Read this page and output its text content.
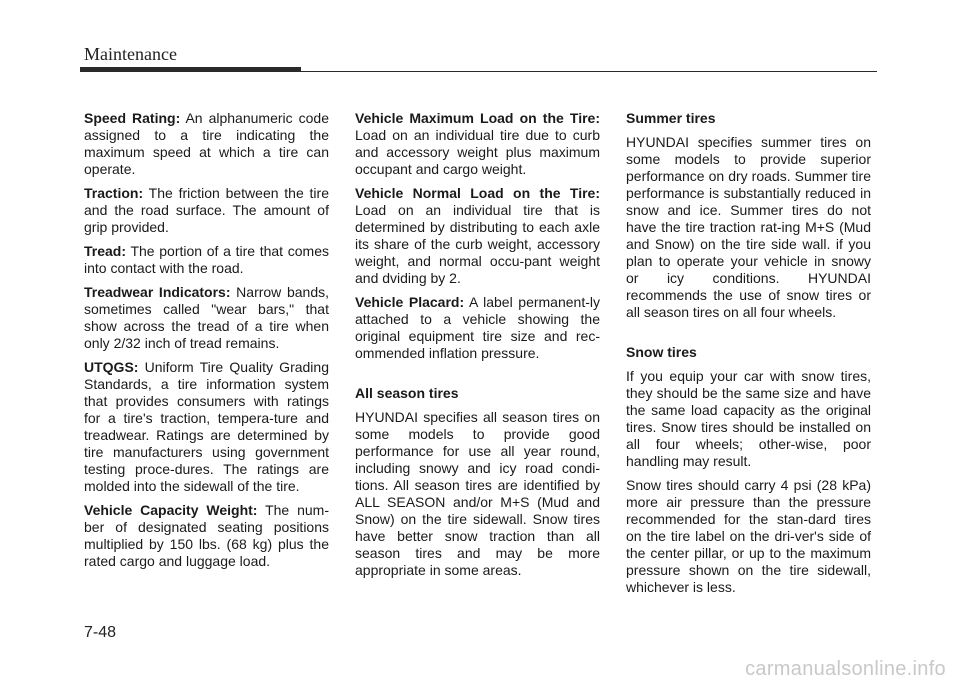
Maintenance

Speed Rating: An alphanumeric code assigned to a tire indicating the maximum speed at which a tire can operate.

Traction: The friction between the tire and the road surface. The amount of grip provided.

Tread: The portion of a tire that comes into contact with the road.

Treadwear Indicators: Narrow bands, sometimes called "wear bars," that show across the tread of a tire when only 2/32 inch of tread remains.

UTQGS: Uniform Tire Quality Grading Standards, a tire information system that provides consumers with ratings for a tire's traction, tempera-ture and treadwear. Ratings are determined by tire manufacturers using government testing proce-dures. The ratings are molded into the sidewall of the tire.

Vehicle Capacity Weight: The num-ber of designated seating positions multiplied by 150 lbs. (68 kg) plus the rated cargo and luggage load.

Vehicle Maximum Load on the Tire: Load on an individual tire due to curb and accessory weight plus maximum occupant and cargo weight.

Vehicle Normal Load on the Tire: Load on an individual tire that is determined by distributing to each axle its share of the curb weight, accessory weight, and normal occu-pant weight and dviding by 2.

Vehicle Placard: A label permanent-ly attached to a vehicle showing the original equipment tire size and rec-ommended inflation pressure.

All season tires

HYUNDAI specifies all season tires on some models to provide good performance for use all year round, including snowy and icy road condi-tions. All season tires are identified by ALL SEASON and/or M+S (Mud and Snow) on the tire sidewall. Snow tires have better snow traction than all season tires and may be more appropriate in some areas.

Summer tires

HYUNDAI specifies summer tires on some models to provide superior performance on dry roads. Summer tire performance is substantially reduced in snow and ice. Summer tires do not have the tire traction rat-ing M+S (Mud and Snow) on the tire side wall. if you plan to operate your vehicle in snowy or icy conditions. HYUNDAI recommends the use of snow tires or all season tires on all four wheels.

Snow tires

If you equip your car with snow tires, they should be the same size and have the same load capacity as the original tires. Snow tires should be installed on all four wheels; other-wise, poor handling may result.

Snow tires should carry 4 psi (28 kPa) more air pressure than the pressure recommended for the stan-dard tires on the tire label on the dri-ver's side of the center pillar, or up to the maximum pressure shown on the tire sidewall, whichever is less.

7-48
carmanualsonline.info
